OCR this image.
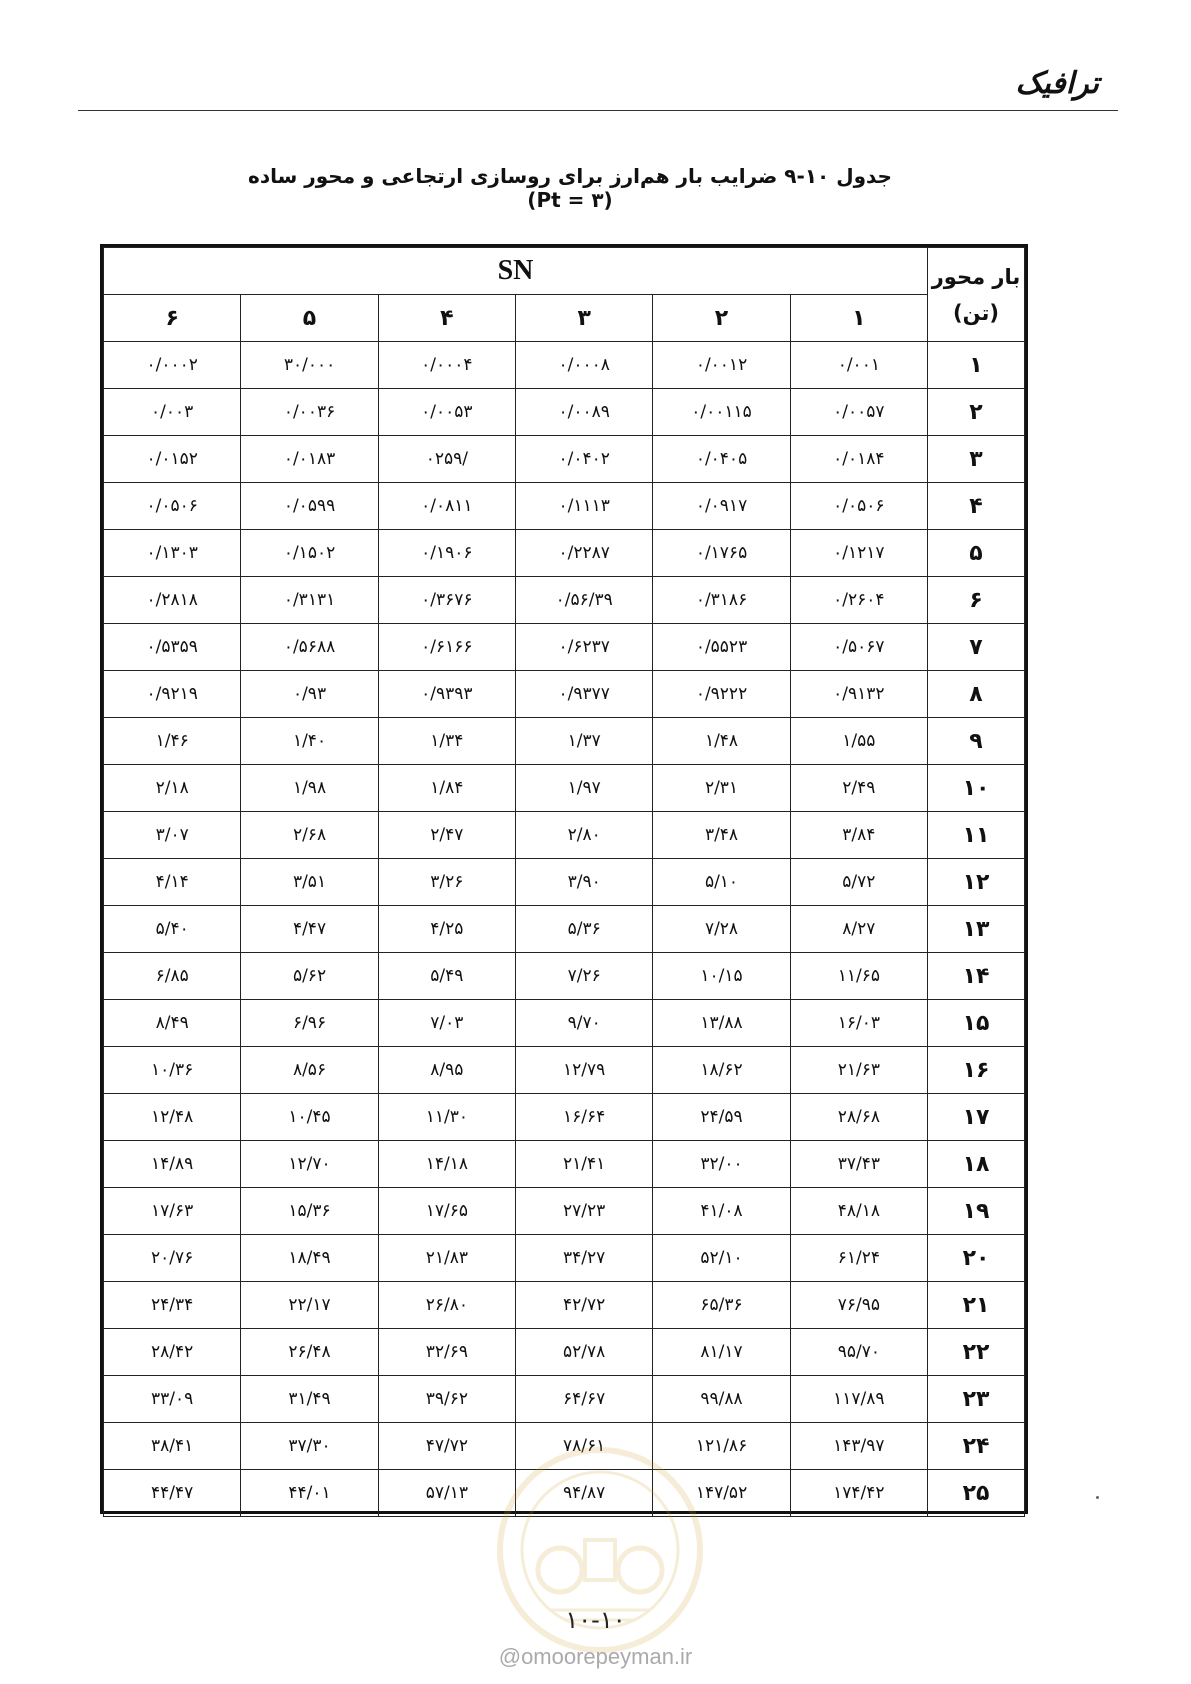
ترافیک
جدول ۱۰-۹ ضرایب بار هم‌ارز برای روسازی ارتجاعی و محور ساده (Pt = ۳)
بار محور (تن)	SN					
	۱	۲	۳	۴	۵	۶
۱	۰/۰۰۱	۰/۰۰۱۲	۰/۰۰۰۸	۰/۰۰۰۴	۳۰/۰۰۰	۰/۰۰۰۲
۲	۰/۰۰۵۷	۰/۰۰۱۱۵	۰/۰۰۸۹	۰/۰۰۵۳	۰/۰۰۳۶	۰/۰۰۳
۳	۰/۰۱۸۴	۰/۰۴۰۵	۰/۰۴۰۲	/۰۲۵۹	۰/۰۱۸۳	۰/۰۱۵۲
۴	۰/۰۵۰۶	۰/۰۹۱۷	۰/۱۱۱۳	۰/۰۸۱۱	۰/۰۵۹۹	۰/۰۵۰۶
۵	۰/۱۲۱۷	۰/۱۷۶۵	۰/۲۲۸۷	۰/۱۹۰۶	۰/۱۵۰۲	۰/۱۳۰۳
۶	۰/۲۶۰۴	۰/۳۱۸۶	۰/۵۶/۳۹	۰/۳۶۷۶	۰/۳۱۳۱	۰/۲۸۱۸
۷	۰/۵۰۶۷	۰/۵۵۲۳	۰/۶۲۳۷	۰/۶۱۶۶	۰/۵۶۸۸	۰/۵۳۵۹
۸	۰/۹۱۳۲	۰/۹۲۲۲	۰/۹۳۷۷	۰/۹۳۹۳	۰/۹۳	۰/۹۲۱۹
۹	۱/۵۵	۱/۴۸	۱/۳۷	۱/۳۴	۱/۴۰	۱/۴۶
۱۰	۲/۴۹	۲/۳۱	۱/۹۷	۱/۸۴	۱/۹۸	۲/۱۸
۱۱	۳/۸۴	۳/۴۸	۲/۸۰	۲/۴۷	۲/۶۸	۳/۰۷
۱۲	۵/۷۲	۵/۱۰	۳/۹۰	۳/۲۶	۳/۵۱	۴/۱۴
۱۳	۸/۲۷	۷/۲۸	۵/۳۶	۴/۲۵	۴/۴۷	۵/۴۰
۱۴	۱۱/۶۵	۱۰/۱۵	۷/۲۶	۵/۴۹	۵/۶۲	۶/۸۵
۱۵	۱۶/۰۳	۱۳/۸۸	۹/۷۰	۷/۰۳	۶/۹۶	۸/۴۹
۱۶	۲۱/۶۳	۱۸/۶۲	۱۲/۷۹	۸/۹۵	۸/۵۶	۱۰/۳۶
۱۷	۲۸/۶۸	۲۴/۵۹	۱۶/۶۴	۱۱/۳۰	۱۰/۴۵	۱۲/۴۸
۱۸	۳۷/۴۳	۳۲/۰۰	۲۱/۴۱	۱۴/۱۸	۱۲/۷۰	۱۴/۸۹
۱۹	۴۸/۱۸	۴۱/۰۸	۲۷/۲۳	۱۷/۶۵	۱۵/۳۶	۱۷/۶۳
۲۰	۶۱/۲۴	۵۲/۱۰	۳۴/۲۷	۲۱/۸۳	۱۸/۴۹	۲۰/۷۶
۲۱	۷۶/۹۵	۶۵/۳۶	۴۲/۷۲	۲۶/۸۰	۲۲/۱۷	۲۴/۳۴
۲۲	۹۵/۷۰	۸۱/۱۷	۵۲/۷۸	۳۲/۶۹	۲۶/۴۸	۲۸/۴۲
۲۳	۱۱۷/۸۹	۹۹/۸۸	۶۴/۶۷	۳۹/۶۲	۳۱/۴۹	۳۳/۰۹
۲۴	۱۴۳/۹۷	۱۲۱/۸۶	۷۸/۶۱	۴۷/۷۲	۳۷/۳۰	۳۸/۴۱
۲۵	۱۷۴/۴۲	۱۴۷/۵۲	۹۴/۸۷	۵۷/۱۳	۴۴/۰۱	۴۴/۴۷
۱۰-۱۰
@omoorepeyman.ir
